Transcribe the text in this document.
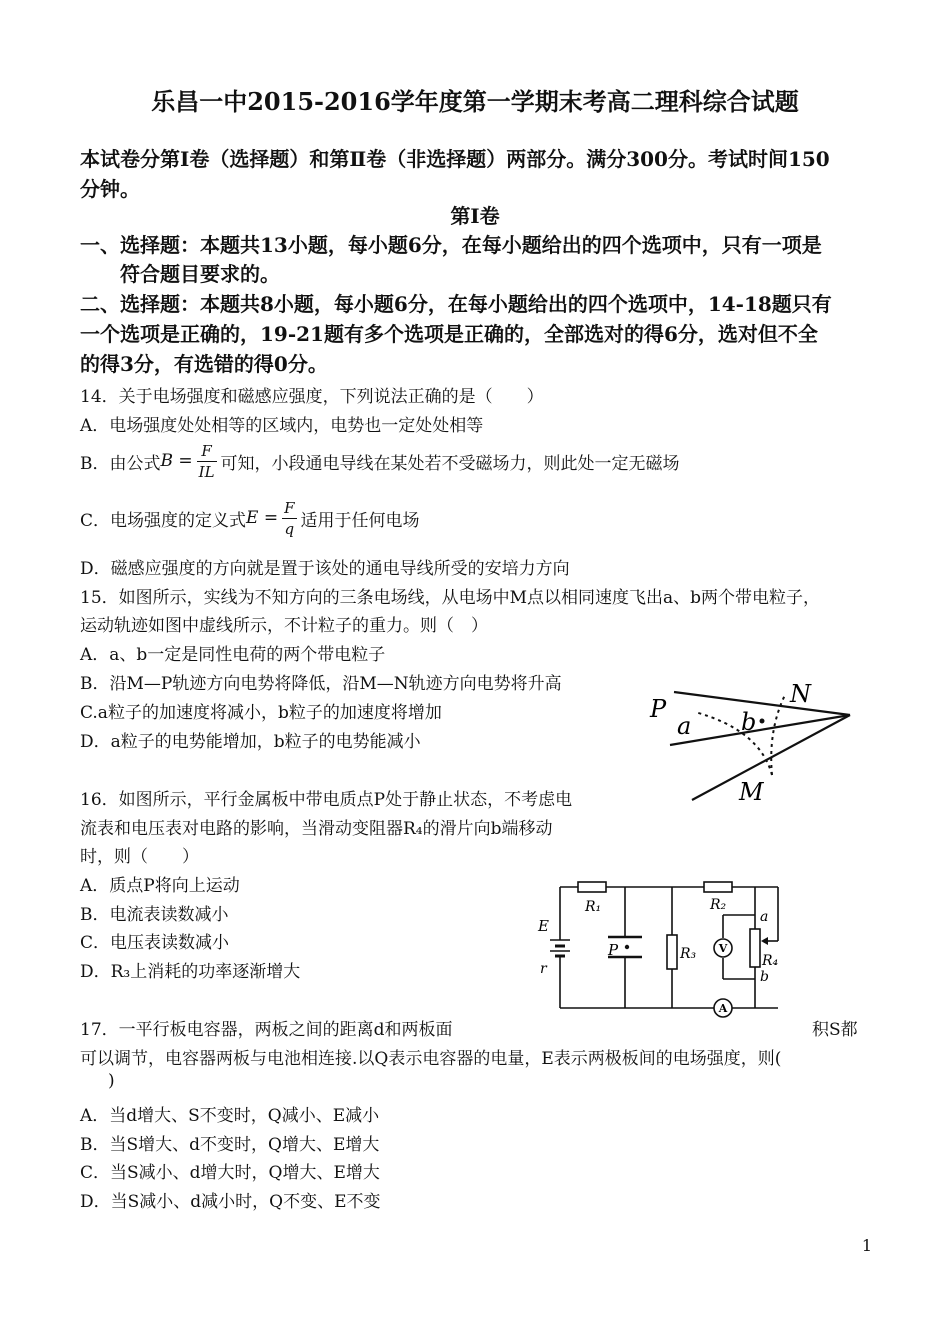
乐昌一中2015-2016学年度第一学期末考高二理科综合试题
本试卷分第Ⅰ卷（选择题）和第Ⅱ卷（非选择题）两部分。满分300分。考试时间150
分钟。
第Ⅰ卷
一、选择题：本题共13小题，每小题6分，在每小题给出的四个选项中，只有一项是
符合题目要求的。
二、选择题：本题共8小题，每小题6分，在每小题给出的四个选项中，14-18题只有
一个选项是正确的，19-21题有多个选项是正确的，全部选对的得6分，选对但不全
的得3分，有选错的得0分。
14．关于电场强度和磁感应强度，下列说法正确的是（　　）
A．电场强度处处相等的区域内，电势也一定处处相等
B．由公式 $B = \frac{F}{IL}$ 可知，小段通电导线在某处若不受磁场力，则此处一定无磁场
C．电场强度的定义式 $E = \frac{F}{q}$ 适用于任何电场
D．磁感应强度的方向就是置于该处的通电导线所受的安培力方向
15．如图所示，实线为不知方向的三条电场线，从电场中M点以相同速度飞出a、b两个带电粒子，
运动轨迹如图中虚线所示，不计粒子的重力。则（　）
A．a、b一定是同性电荷的两个带电粒子
B．沿M—P轨迹方向电势将降低，沿M—N轨迹方向电势将升高
C.a粒子的加速度将减小，b粒子的加速度将增加
D．a粒子的电势能增加，b粒子的电势能减小
P
N
M
a b
16．如图所示，平行金属板中带电质点P处于静止状态，不考虑电
流表和电压表对电路的影响，当滑动变阻器R₄的滑片向b端移动
时，则（　　）
A．质点P将向上运动
B．电流表读数减小
C．电压表读数减小
D．R₃上消耗的功率逐渐增大
V
A
E
r
R₁	R₂
R₃	R₄
P
a
b
17．一平行板电容器，两板之间的距离d和两板面	积S都
可以调节，电容器两板与电池相连接.以Q表示电容器的电量，E表示两极板间的电场强度，则(
)
A．当d增大、S不变时，Q减小、E减小
B．当S增大、d不变时，Q增大、E增大
C．当S减小、d增大时，Q增大、E增大
D．当S减小、d减小时，Q不变、E不变
1
